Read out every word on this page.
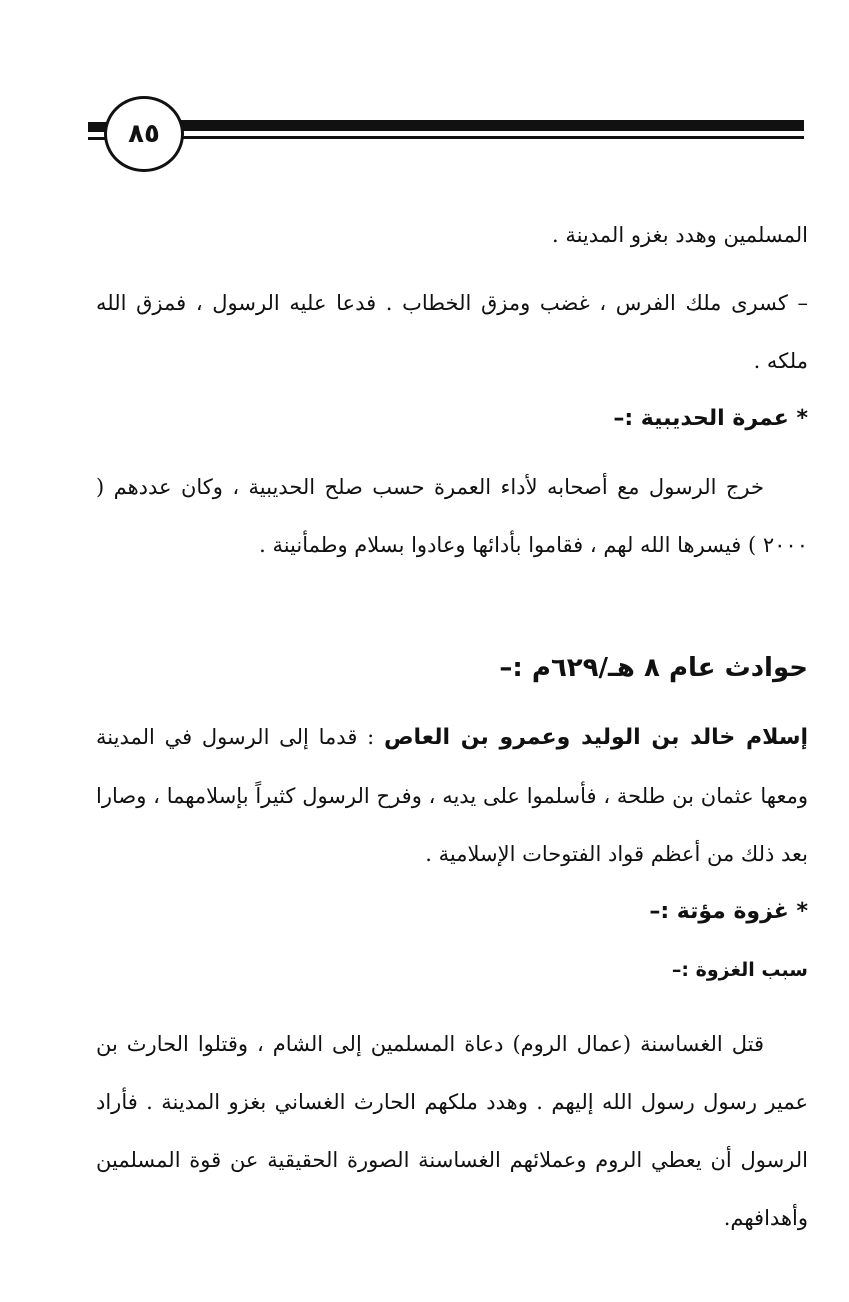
٨٥

المسلمين وهدد بغزو المدينة .

– كسرى ملك الفرس ، غضب ومزق الخطاب . فدعا عليه الرسول ، فمزق الله ملكه .

* عمرة الحديبية :–

خرج الرسول مع أصحابه لأداء العمرة حسب صلح الحديبية ، وكان عددهم ( ٢٠٠٠ ) فيسرها الله لهم ، فقاموا بأدائها وعادوا بسلام وطمأنينة .

حوادث عام ٨ هـ/٦٢٩م :–

إسلام خالد بن الوليد وعمرو بن العاص : قدما إلى الرسول في المدينة ومعها عثمان بن طلحة ، فأسلموا على يديه ، وفرح الرسول كثيراً بإسلامهما ، وصارا بعد ذلك من أعظم قواد الفتوحات الإسلامية .

* غزوة مؤتة :–

سبب الغزوة :–

قتل الغساسنة (عمال الروم) دعاة المسلمين إلى الشام ، وقتلوا الحارث بن عمير رسول رسول الله إليهم . وهدد ملكهم الحارث الغساني بغزو المدينة . فأراد الرسول أن يعطي الروم وعملائهم الغساسنة الصورة الحقيقية عن قوة المسلمين وأهدافهم.
